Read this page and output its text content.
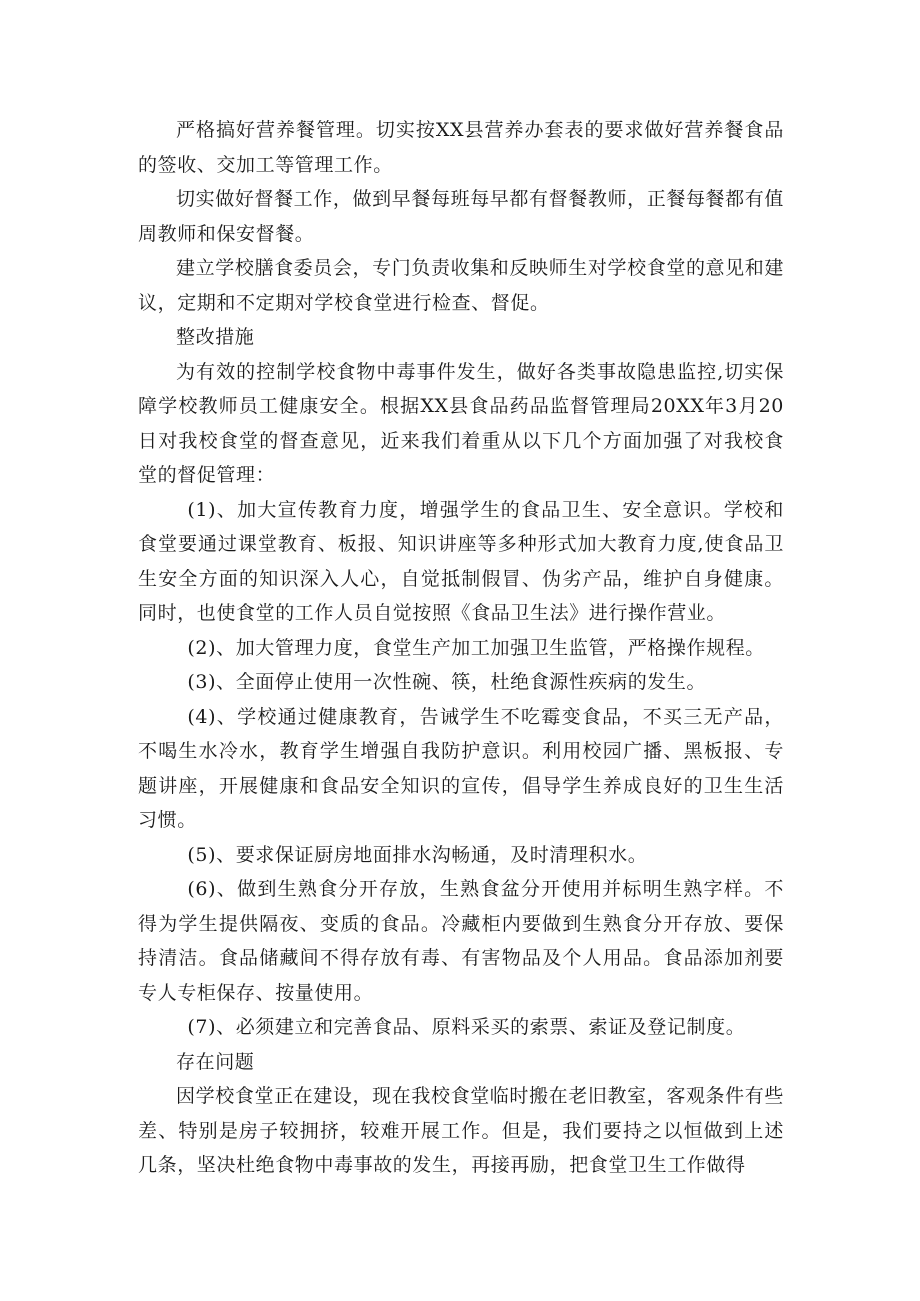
严格搞好营养餐管理。切实按XX县营养办套表的要求做好营养餐食品的签收、交加工等管理工作。

切实做好督餐工作，做到早餐每班每早都有督餐教师，正餐每餐都有值周教师和保安督餐。

建立学校膳食委员会，专门负责收集和反映师生对学校食堂的意见和建议，定期和不定期对学校食堂进行检查、督促。

整改措施

为有效的控制学校食物中毒事件发生，做好各类事故隐患监控,切实保障学校教师员工健康安全。根据XX县食品药品监督管理局20XX年3月20日对我校食堂的督查意见，近来我们着重从以下几个方面加强了对我校食堂的督促管理：

(1)、加大宣传教育力度，增强学生的食品卫生、安全意识。学校和食堂要通过课堂教育、板报、知识讲座等多种形式加大教育力度,使食品卫生安全方面的知识深入人心，自觉抵制假冒、伪劣产品，维护自身健康。同时，也使食堂的工作人员自觉按照《食品卫生法》进行操作营业。

(2)、加大管理力度，食堂生产加工加强卫生监管，严格操作规程。

(3)、全面停止使用一次性碗、筷，杜绝食源性疾病的发生。

(4)、学校通过健康教育，告诫学生不吃霉变食品，不买三无产品，不喝生水冷水，教育学生增强自我防护意识。利用校园广播、黑板报、专题讲座，开展健康和食品安全知识的宣传，倡导学生养成良好的卫生生活习惯。

(5)、要求保证厨房地面排水沟畅通，及时清理积水。

(6)、做到生熟食分开存放，生熟食盆分开使用并标明生熟字样。不得为学生提供隔夜、变质的食品。冷藏柜内要做到生熟食分开存放、要保持清洁。食品储藏间不得存放有毒、有害物品及个人用品。食品添加剂要专人专柜保存、按量使用。

(7)、必须建立和完善食品、原料采买的索票、索证及登记制度。

存在问题

因学校食堂正在建设，现在我校食堂临时搬在老旧教室，客观条件有些差、特别是房子较拥挤，较难开展工作。但是，我们要持之以恒做到上述几条，坚决杜绝食物中毒事故的发生，再接再励，把食堂卫生工作做得
